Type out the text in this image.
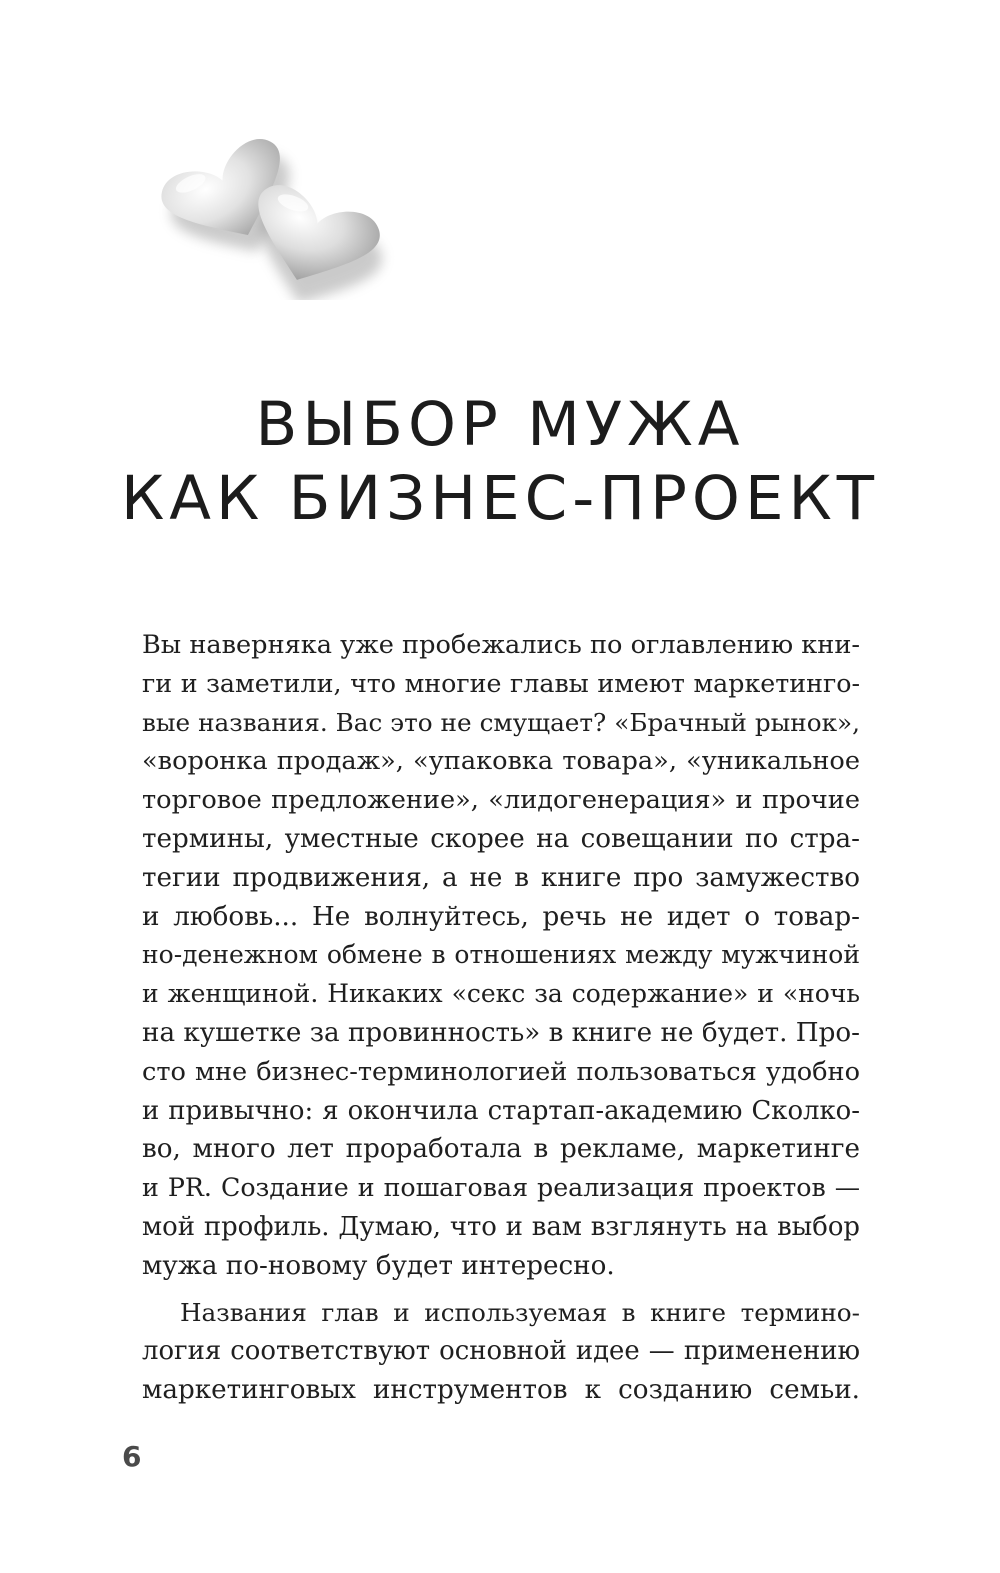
ВЫБОР МУЖА
КАК БИЗНЕС-ПРОЕКТ

Вы наверняка уже пробежались по оглавлению кни-
ги и заметили, что многие главы имеют маркетинго-
вые названия. Вас это не смущает? «Брачный рынок»,
«воронка продаж», «упаковка товара», «уникальное
торговое предложение», «лидогенерация» и прочие
термины, уместные скорее на совещании по стра-
тегии продвижения, а не в книге про замужество
и любовь... Не волнуйтесь, речь не идет о товар-
но-денежном обмене в отношениях между мужчиной
и женщиной. Никаких «секс за содержание» и «ночь
на кушетке за провинность» в книге не будет. Про-
сто мне бизнес-терминологией пользоваться удобно
и привычно: я окончила стартап-академию Сколко-
во, много лет проработала в рекламе, маркетинге
и PR. Создание и пошаговая реализация проектов —
мой профиль. Думаю, что и вам взглянуть на выбор
мужа по-новому будет интересно.

Названия глав и используемая в книге термино-
логия соответствуют основной идее — применению
маркетинговых инструментов к созданию семьи.

6
